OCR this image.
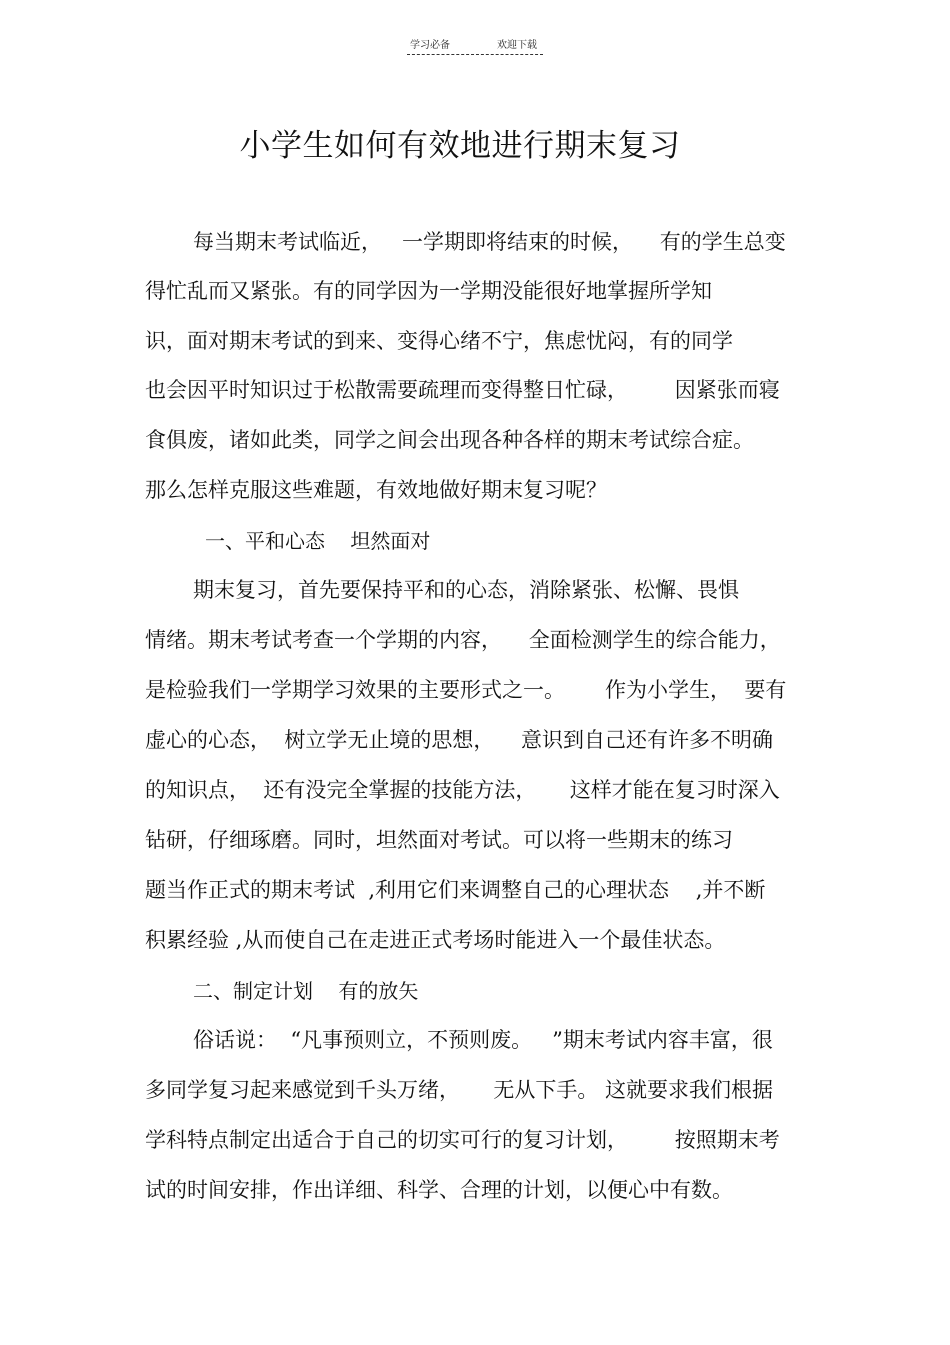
学习必备	欢迎下载
小学生如何有效地进行期末复习
每当期末考试临近，   一学期即将结束的时候，    有的学生总变
得忙乱而又紧张。有的同学因为一学期没能很好地掌握所学知
识，面对期末考试的到来、变得心绪不宁，焦虑忧闷，有的同学
也会因平时知识过于松散需要疏理而变得整日忙碌，       因紧张而寝
食俱废，诸如此类，同学之间会出现各种各样的期末考试综合症。
那么怎样克服这些难题，有效地做好期末复习呢？
一、平和心态    坦然面对
期末复习，首先要保持平和的心态，消除紧张、松懈、畏惧
情绪。期末考试考查一个学期的内容，    全面检测学生的综合能力，
是检验我们一学期学习效果的主要形式之一。      作为小学生，  要有
虚心的心态，  树立学无止境的思想，    意识到自己还有许多不明确
的知识点，  还有没完全掌握的技能方法，     这样才能在复习时深入
钻研，仔细琢磨。同时，坦然面对考试。可以将一些期末的练习
题当作正式的期末考试  ,利用它们来调整自己的心理状态    ,并不断
积累经验 ,从而使自己在走进正式考场时能进入一个最佳状态。
二、制定计划    有的放矢
俗话说：  “凡事预则立，不预则废。   ”期末考试内容丰富，很
多同学复习起来感觉到千头万绪，     无从下手。 这就要求我们根据
学科特点制定出适合于自己的切实可行的复习计划，       按照期末考
试的时间安排，作出详细、科学、合理的计划，以便心中有数。
